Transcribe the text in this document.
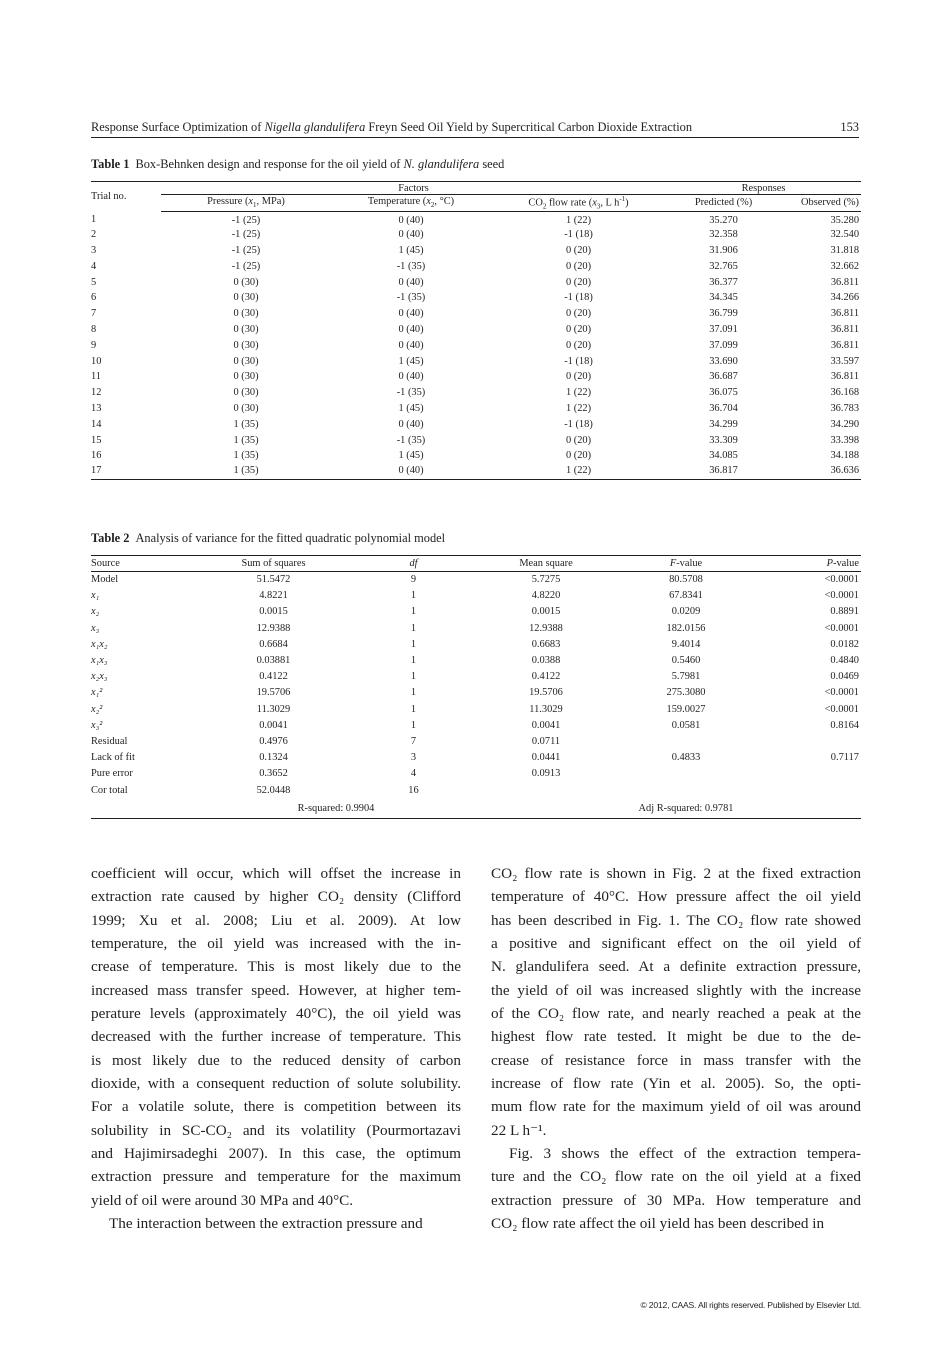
Response Surface Optimization of Nigella glandulifera Freyn Seed Oil Yield by Supercritical Carbon Dioxide Extraction	153
Table 1 Box-Behnken design and response for the oil yield of N. glandulifera seed
Trial no.	Factors			Responses	
	Pressure ($x_1$, MPa)	Temperature ($x_2$, °C)	$CO_2$ flow rate ($x_3$, L $h^{-1}$)	Predicted (%)	Observed (%)
1	-1 (25)	0 (40)	1 (22)	35.270	35.280
2	-1 (25)	0 (40)	-1 (18)	32.358	32.540
3	-1 (25)	1 (45)	0 (20)	31.906	31.818
4	-1 (25)	-1 (35)	0 (20)	32.765	32.662
5	0 (30)	0 (40)	0 (20)	36.377	36.811
6	0 (30)	-1 (35)	-1 (18)	34.345	34.266
7	0 (30)	0 (40)	0 (20)	36.799	36.811
8	0 (30)	0 (40)	0 (20)	37.091	36.811
9	0 (30)	0 (40)	0 (20)	37.099	36.811
10	0 (30)	1 (45)	-1 (18)	33.690	33.597
11	0 (30)	0 (40)	0 (20)	36.687	36.811
12	0 (30)	-1 (35)	1 (22)	36.075	36.168
13	0 (30)	1 (45)	1 (22)	36.704	36.783
14	1 (35)	0 (40)	-1 (18)	34.299	34.290
15	1 (35)	-1 (35)	0 (20)	33.309	33.398
16	1 (35)	1 (45)	0 (20)	34.085	34.188
17	1 (35)	0 (40)	1 (22)	36.817	36.636
Table 2 Analysis of variance for the fitted quadratic polynomial model
Source	Sum of squares	df	Mean square	F-value	P-value
Model	51.5472	9	5.7275	80.5708	<0.0001
x₁	4.8221	1	4.8220	67.8341	<0.0001
x₂	0.0015	1	0.0015	0.0209	0.8891
x₃	12.9388	1	12.9388	182.0156	<0.0001
x₁x₂	0.6684	1	0.6683	9.4014	0.0182
x₁x₃	0.03881	1	0.0388	0.5460	0.4840
x₂x₃	0.4122	1	0.4122	5.7981	0.0469
x₁²	19.5706	1	19.5706	275.3080	<0.0001
x₂²	11.3029	1	11.3029	159.0027	<0.0001
x₃²	0.0041	1	0.0041	0.0581	0.8164
Residual	0.4976	7	0.0711		
Lack of fit	0.1324	3	0.0441	0.4833	0.7117
Pure error	0.3652	4	0.0913		
Cor total	52.0448	16			
	R-squared: 0.9904			Adj R-squared: 0.9781	
coefficient will occur, which will offset the increase in
extraction rate caused by higher CO₂ density (Clifford
1999; Xu et al. 2008; Liu et al. 2009). At low
temperature, the oil yield was increased with the in-
crease of temperature. This is most likely due to the
increased mass transfer speed. However, at higher tem-
perature levels (approximately 40°C), the oil yield was
decreased with the further increase of temperature. This
is most likely due to the reduced density of carbon
dioxide, with a consequent reduction of solute solubility.
For a volatile solute, there is competition between its
solubility in SC-CO₂ and its volatility (Pourmortazavi
and Hajimirsadeghi 2007). In this case, the optimum
extraction pressure and temperature for the maximum
yield of oil were around 30 MPa and 40°C.
The interaction between the extraction pressure and
CO₂ flow rate is shown in Fig. 2 at the fixed extraction
temperature of 40°C. How pressure affect the oil yield
has been described in Fig. 1. The CO₂ flow rate showed
a positive and significant effect on the oil yield of
N. glandulifera seed. At a definite extraction pressure,
the yield of oil was increased slightly with the increase
of the CO₂ flow rate, and nearly reached a peak at the
highest flow rate tested. It might be due to the de-
crease of resistance force in mass transfer with the
increase of flow rate (Yin et al. 2005). So, the opti-
mum flow rate for the maximum yield of oil was around
22 L h⁻¹.
Fig. 3 shows the effect of the extraction tempera-
ture and the CO₂ flow rate on the oil yield at a fixed
extraction pressure of 30 MPa. How temperature and
CO₂ flow rate affect the oil yield has been described in
© 2012, CAAS. All rights reserved. Published by Elsevier Ltd.
